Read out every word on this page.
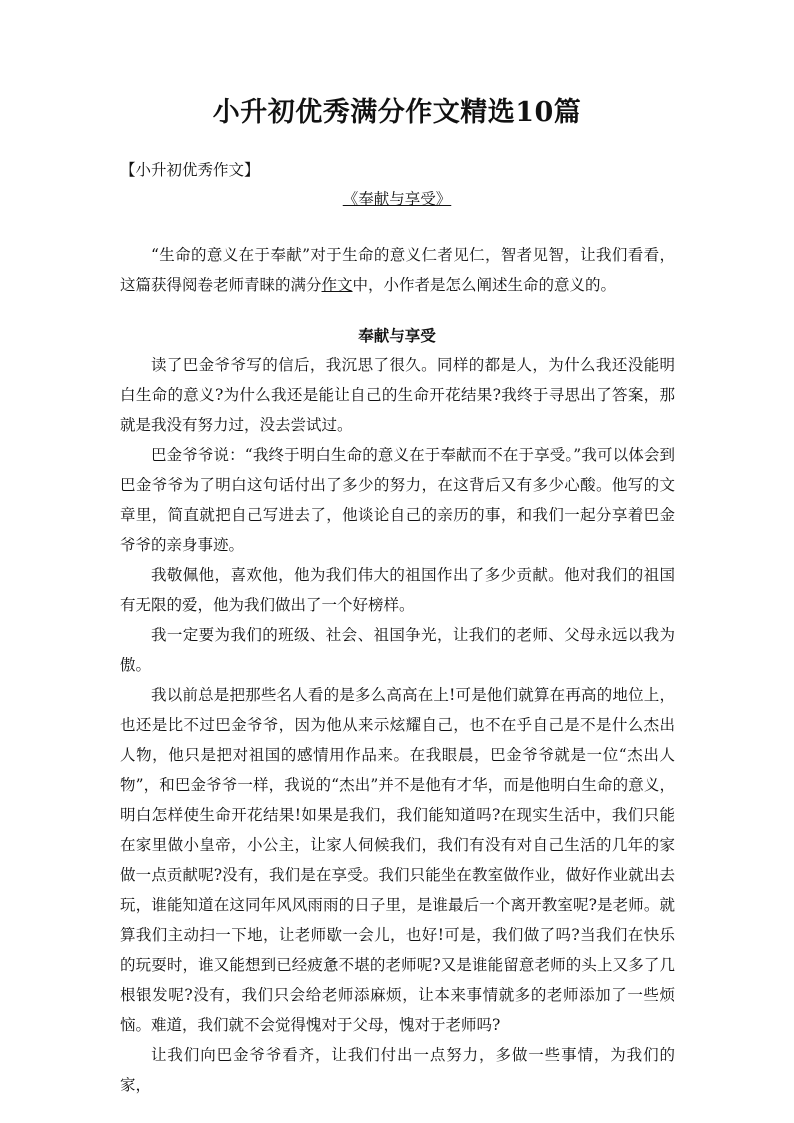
小升初优秀满分作文精选10篇
【小升初优秀作文】
《奉献与享受》

“生命的意义在于奉献”对于生命的意义仁者见仁，智者见智，让我们看看，这篇获得阅卷老师青睐的满分作文中，小作者是怎么阐述生命的意义的。

奉献与享受

读了巴金爷爷写的信后，我沉思了很久。同样的都是人，为什么我还没能明白生命的意义?为什么我还是能让自己的生命开花结果?我终于寻思出了答案，那就是我没有努力过，没去尝试过。

巴金爷爷说：“我终于明白生命的意义在于奉献而不在于享受。”我可以体会到巴金爷爷为了明白这句话付出了多少的努力，在这背后又有多少心酸。他写的文章里，简直就把自己写进去了，他谈论自己的亲历的事，和我们一起分享着巴金爷爷的亲身事迹。

我敬佩他，喜欢他，他为我们伟大的祖国作出了多少贡献。他对我们的祖国有无限的爱，他为我们做出了一个好榜样。

我一定要为我们的班级、社会、祖国争光，让我们的老师、父母永远以我为傲。

我以前总是把那些名人看的是多么高高在上!可是他们就算在再高的地位上，也还是比不过巴金爷爷，因为他从来示炫耀自己，也不在乎自己是不是什么杰出人物，他只是把对祖国的感情用作品来。在我眼晨，巴金爷爷就是一位“杰出人物”，和巴金爷爷一样，我说的“杰出”并不是他有才华，而是他明白生命的意义，明白怎样使生命开花结果!如果是我们，我们能知道吗?在现实生活中，我们只能在家里做小皇帝，小公主，让家人伺候我们，我们有没有对自己生活的几年的家做一点贡献呢?没有，我们是在享受。我们只能坐在教室做作业，做好作业就出去玩，谁能知道在这同年风风雨雨的日子里，是谁最后一个离开教室呢?是老师。就算我们主动扫一下地，让老师歇一会儿，也好!可是，我们做了吗?当我们在快乐的玩耍时，谁又能想到已经疲惫不堪的老师呢?又是谁能留意老师的头上又多了几根银发呢?没有，我们只会给老师添麻烦，让本来事情就多的老师添加了一些烦恼。难道，我们就不会觉得愧对于父母，愧对于老师吗?

让我们向巴金爷爷看齐，让我们付出一点努力，多做一些事情，为我们的家，
